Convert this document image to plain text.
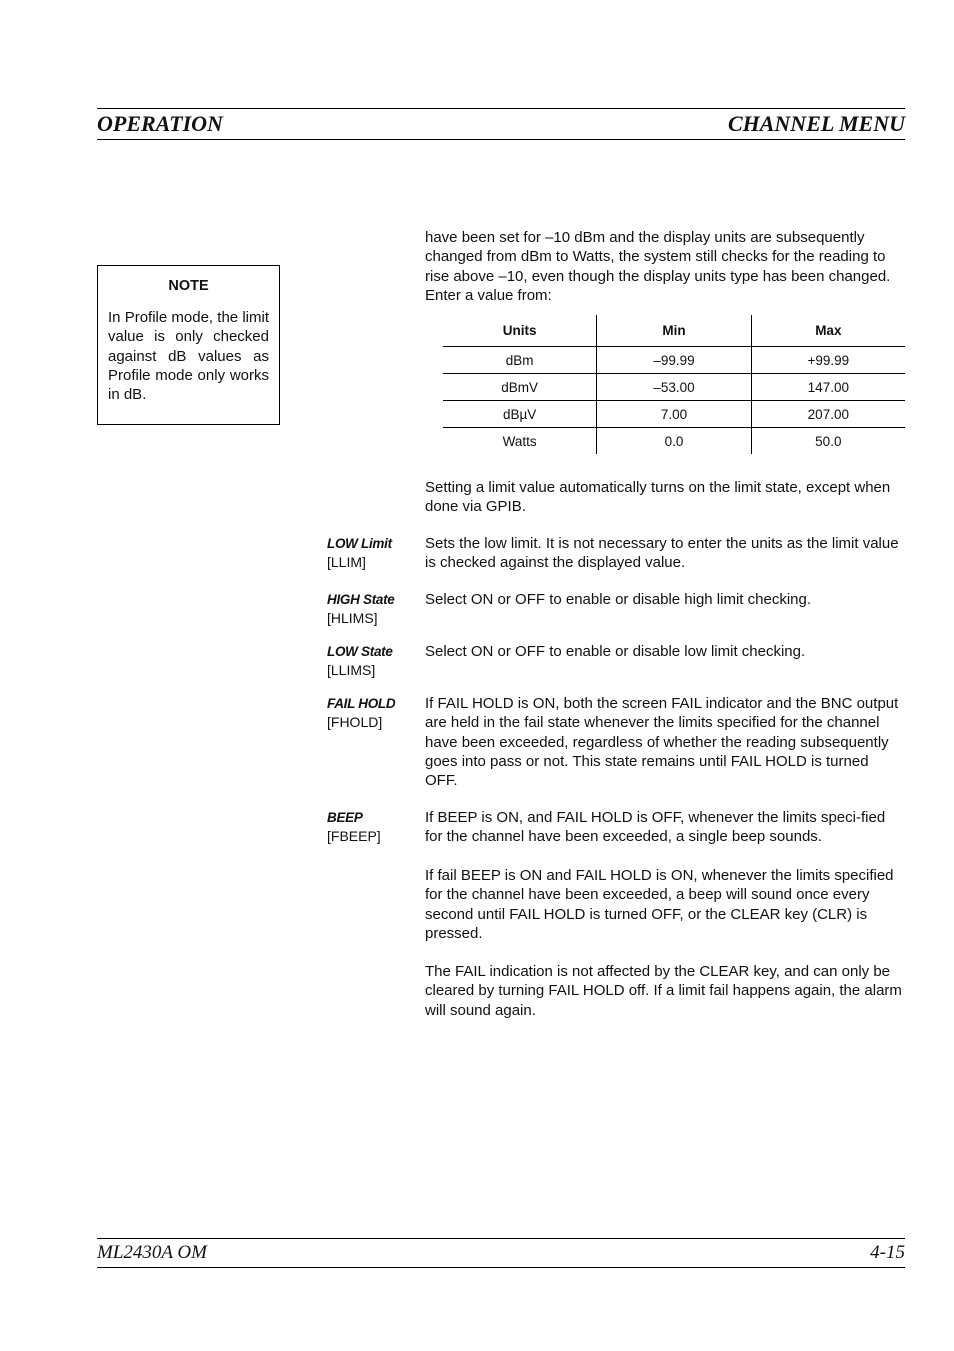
OPERATION	CHANNEL MENU
NOTE
In Profile mode, the limit value is only checked against dB values as Profile mode only works in dB.

have been set for –10 dBm and the display units are subsequently changed from dBm to Watts, the system still checks for the reading to rise above –10, even though the display units type has been changed. Enter a value from:

Units	Min	Max
dBm	–99.99	+99.99
dBmV	–53.00	147.00
dBµV	7.00	207.00
Watts	0.0	50.0

Setting a limit value automatically turns on the limit state, except when done via GPIB.

LOW Limit
[LLIM]

Sets the low limit. It is not necessary to enter the units as the limit value is checked against the displayed value.

HIGH State
[HLIMS]

Select ON or OFF to enable or disable high limit checking.

LOW State
[LLIMS]

Select ON or OFF to enable or disable low limit checking.

FAIL HOLD
[FHOLD]

If FAIL HOLD is ON, both the screen FAIL indicator and the BNC output are held in the fail state whenever the limits specified for the channel have been exceeded, regardless of whether the reading subsequently goes into pass or not. This state remains until FAIL HOLD is turned OFF.

BEEP
[FBEEP]

If BEEP is ON, and FAIL HOLD is OFF, whenever the limits speci-fied for the channel have been exceeded, a single beep sounds.

If fail BEEP is ON and FAIL HOLD is ON, whenever the limits specified for the channel have been exceeded, a beep will sound once every second until FAIL HOLD is turned OFF, or the CLEAR key (CLR) is pressed.

The FAIL indication is not affected by the CLEAR key, and can only be cleared by turning FAIL HOLD off. If a limit fail happens again, the alarm will sound again.

ML2430A OM	4-15
